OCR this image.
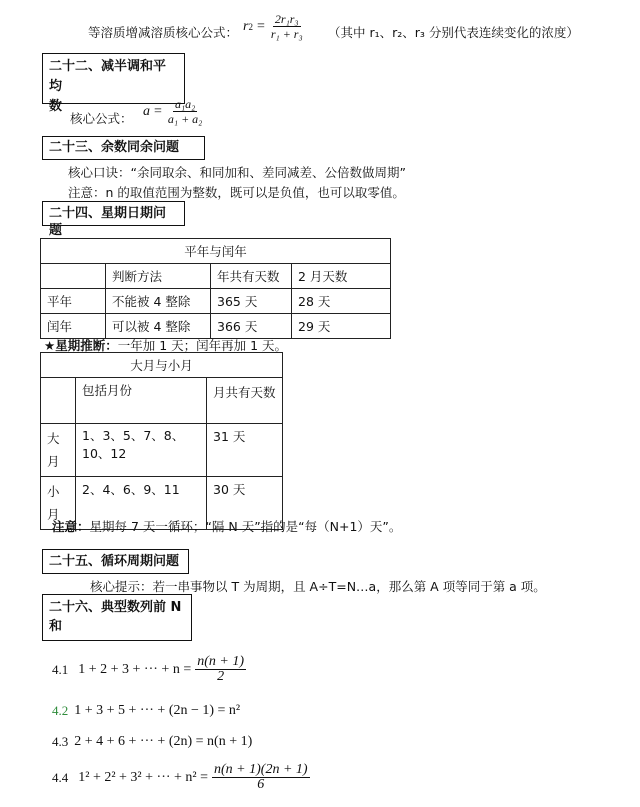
等溶质增减溶质核心公式： r $2 = \frac{\text{2r₁r₃}}{\text{r₁ + r₃}}$ （其中 r₁、r₂、r₃ 分别代表连续变化的浓度）
二十二、减半调和平均
数
核心公式： $\overline{a} = \frac{\text{a₁a₂}}{\text{a₁ + a₂}}$
二十三、余数同余问题
核心口诀：“余同取余、和同加和、差同减差、公倍数做周期”
注意：n 的取值范围为整数，既可以是负值，也可以取零值。
二十四、星期日期问题
平年与闰年			
	判断方法	年共有天数	2 月天数
平年	不能被 4 整除	365 天	28 天
闰年	可以被 4 整除	366 天	29 天
★星期推断：一年加 1 天；闰年再加 1 天。
大月与小月		
	包括月份	月共有天数
大月	1、3、5、7、8、10、12	31 天
小月	2、4、6、9、11	30 天
注意：星期每 7 天一循环；“隔 N 天”指的是“每（N+1）天”。
二十五、循环周期问题
核心提示：若一串事物以 T 为周期，且 A÷T=N…a，那么第 A 项等同于第 a 项。
二十六、典型数列前 N
和
4.1 1 + 2 + 3 + ··· + $n = \frac{n(n + 1)}{2}$
4.2 1 + 3 + 5 + ··· + (2n − 1) = n²
4.3 2 + 4 + 6 + ··· + (2n) = n(n + 1)
4.4 1² + 2² + 3² + ··· + $n^2 = \frac{n(n + 1)(2n + 1)}{6}$
